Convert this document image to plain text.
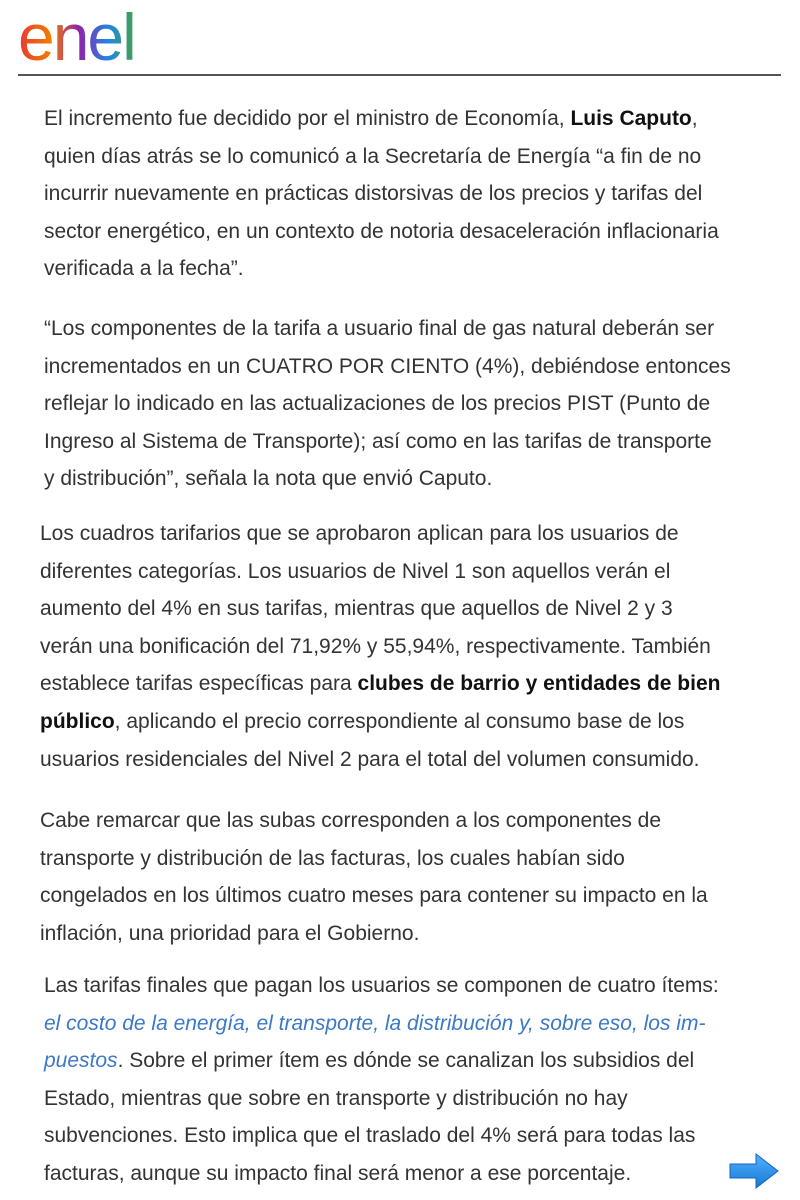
enel
El incremento fue decidido por el ministro de Economía, Luis Caputo,
quien días atrás se lo comunicó a la Secretaría de Energía “a fin de no
incurrir nuevamente en prácticas distorsivas de los precios y tarifas del
sector energético, en un contexto de notoria desaceleración inflacionaria
verificada a la fecha”.
“Los componentes de la tarifa a usuario final de gas natural deberán ser
incrementados en un CUATRO POR CIENTO (4%), debiéndose entonces
reflejar lo indicado en las actualizaciones de los precios PIST (Punto de
Ingreso al Sistema de Transporte); así como en las tarifas de transporte
y distribución”, señala la nota que envió Caputo.
Los cuadros tarifarios que se aprobaron aplican para los usuarios de
diferentes categorías. Los usuarios de Nivel 1 son aquellos verán el
aumento del 4% en sus tarifas, mientras que aquellos de Nivel 2 y 3
verán una bonificación del 71,92% y 55,94%, respectivamente. También
establece tarifas específicas para clubes de barrio y entidades de bien
público, aplicando el precio correspondiente al consumo base de los
usuarios residenciales del Nivel 2 para el total del volumen consumido.
Cabe remarcar que las subas corresponden a los componentes de
transporte y distribución de las facturas, los cuales habían sido
congelados en los últimos cuatro meses para contener su impacto en la
inflación, una prioridad para el Gobierno.
Las tarifas finales que pagan los usuarios se componen de cuatro ítems:
el costo de la energía, el transporte, la distribución y, sobre eso, los im-
puestos. Sobre el primer ítem es dónde se canalizan los subsidios del
Estado, mientras que sobre en transporte y distribución no hay
subvenciones. Esto implica que el traslado del 4% será para todas las
facturas, aunque su impacto final será menor a ese porcentaje.
